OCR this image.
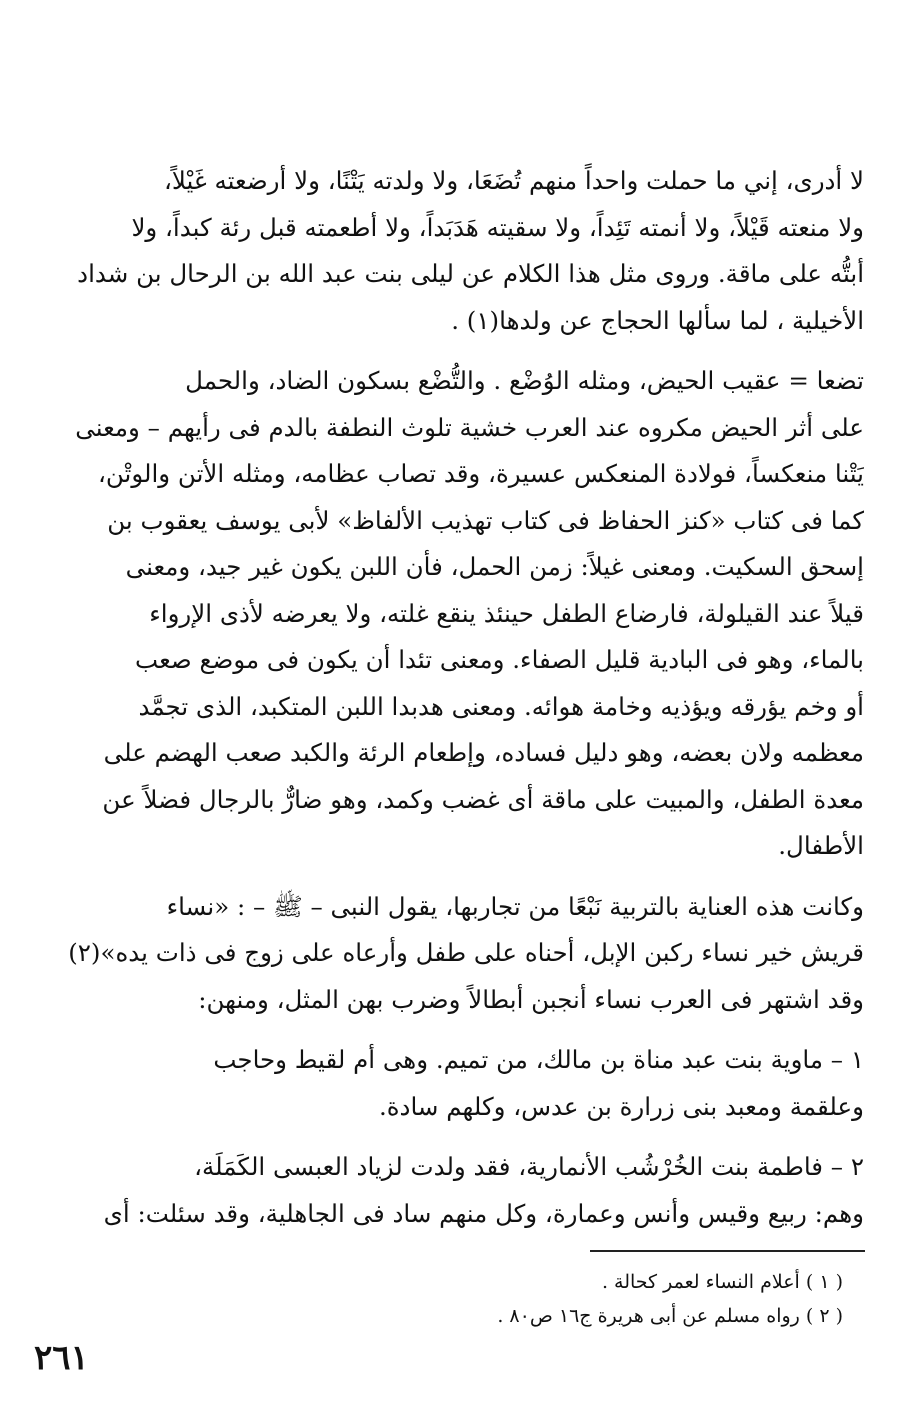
لا أدرى، إني ما حملت واحداً منهم تُضَعَا، ولا ولدته يَتْنًا، ولا أرضعته غَيْلاً،
ولا منعته قَيْلاً، ولا أنمته تَئِداً، ولا سقيته هَدَبَداً، ولا أطعمته قبل رئة كبداً، ولا
أبتُّه على ماقة. وروى مثل هذا الكلام عن ليلى بنت عبد الله بن الرحال بن شداد
الأخيلية ، لما سألها الحجاج عن ولدها(١) .

تضعا = عقيب الحيض، ومثله الوُضْع . والتُّضْع بسكون الضاد، والحمل
على أثر الحيض مكروه عند العرب خشية تلوث النطفة بالدم فى رأيهم – ومعنى
يَتْنا منعكساً، فولادة المنعكس عسيرة، وقد تصاب عظامه، ومثله الأتن والوتْن،
كما فى كتاب «كنز الحفاظ فى كتاب تهذيب الألفاظ» لأبى يوسف يعقوب بن
إسحق السكيت. ومعنى غيلاً: زمن الحمل، فأن اللبن يكون غير جيد، ومعنى
قيلاً عند القيلولة، فارضاع الطفل حينئذ ينقع غلته، ولا يعرضه لأذى الإرواء
بالماء، وهو فى البادية قليل الصفاء. ومعنى تئدا أن يكون فى موضع صعب
أو وخم يؤرقه ويؤذيه وخامة هوائه. ومعنى هدبدا اللبن المتكبد، الذى تجمَّد
معظمه ولان بعضه، وهو دليل فساده، وإطعام الرئة والكبد صعب الهضم على
معدة الطفل، والمبيت على ماقة أى غضب وكمد، وهو ضارٌّ بالرجال فضلاً عن
الأطفال.

وكانت هذه العناية بالتربية نَبْعًا من تجاربها، يقول النبى – ﷺ – : «نساء
قريش خير نساء ركبن الإبل، أحناه على طفل وأرعاه على زوج فى ذات يده»(٢)
وقد اشتهر فى العرب نساء أنجبن أبطالاً وضرب بهن المثل، ومنهن:

١ – ماوية بنت عبد مناة بن مالك، من تميم. وهى أم لقيط وحاجب
وعلقمة ومعبد بنى زرارة بن عدس، وكلهم سادة.

٢ – فاطمة بنت الخُرْشُب الأنمارية، فقد ولدت لزياد العبسى الكَمَلَة،
وهم: ربيع وقيس وأنس وعمارة، وكل منهم ساد فى الجاهلية، وقد سئلت: أى

( ١ ) أعلام النساء لعمر كحالة .
( ٢ ) رواه مسلم عن أبى هريرة ج١٦ ص٨٠ .
٢٦١
